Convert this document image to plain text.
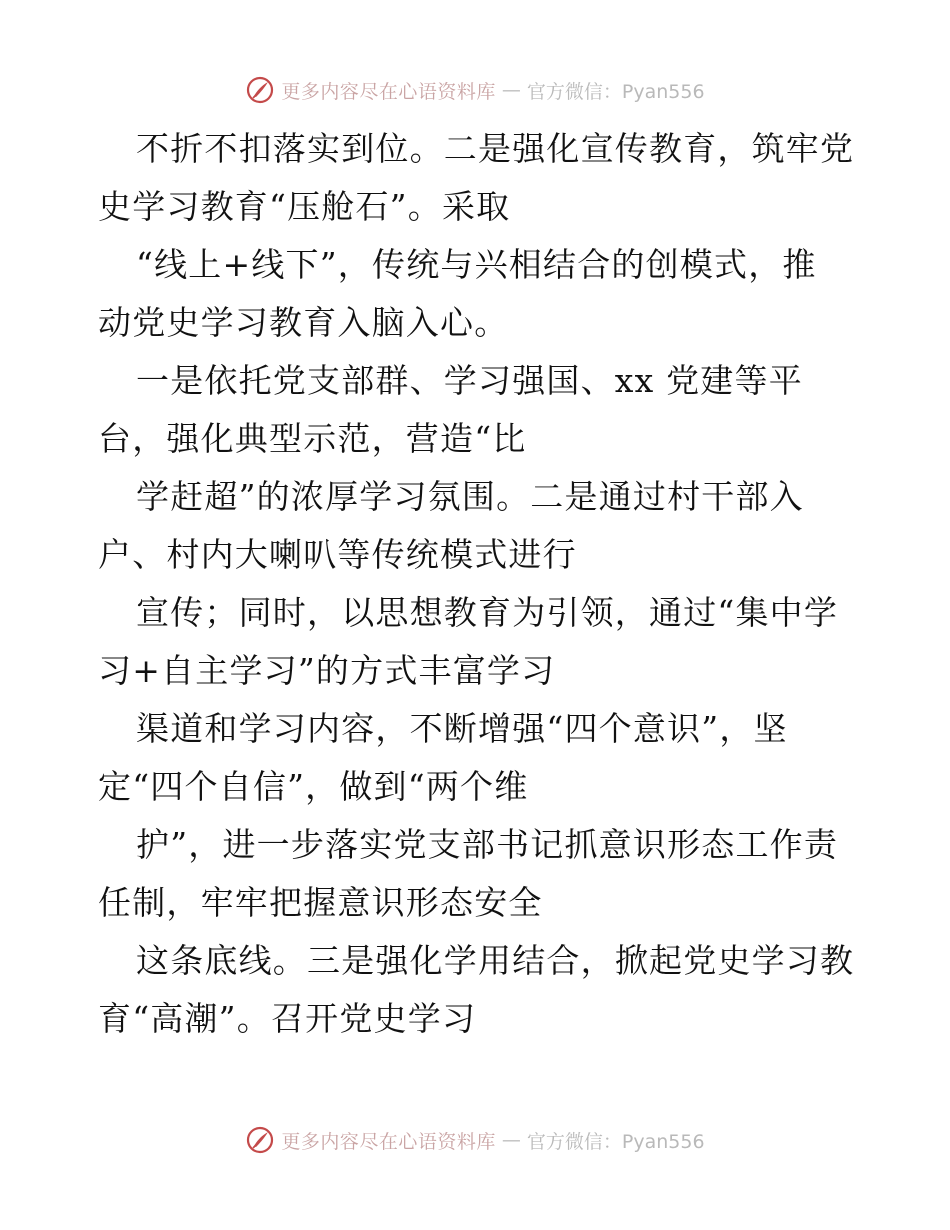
更多内容尽在心语资料库 — 官方微信：Pyan556
不折不扣落实到位。二是强化宣传教育，筑牢党
史学习教育“压舱石”。采取
“线上+线下”，传统与兴相结合的创模式，推
动党史学习教育入脑入心。
一是依托党支部群、学习强国、xx 党建等平
台，强化典型示范，营造“比
学赶超”的浓厚学习氛围。二是通过村干部入
户、村内大喇叭等传统模式进行
宣传；同时，以思想教育为引领，通过“集中学
习+自主学习”的方式丰富学习
渠道和学习内容，不断增强“四个意识”，坚
定“四个自信”，做到“两个维
护”，进一步落实党支部书记抓意识形态工作责
任制，牢牢把握意识形态安全
这条底线。三是强化学用结合，掀起党史学习教
育“高潮”。召开党史学习
更多内容尽在心语资料库 — 官方微信：Pyan556
